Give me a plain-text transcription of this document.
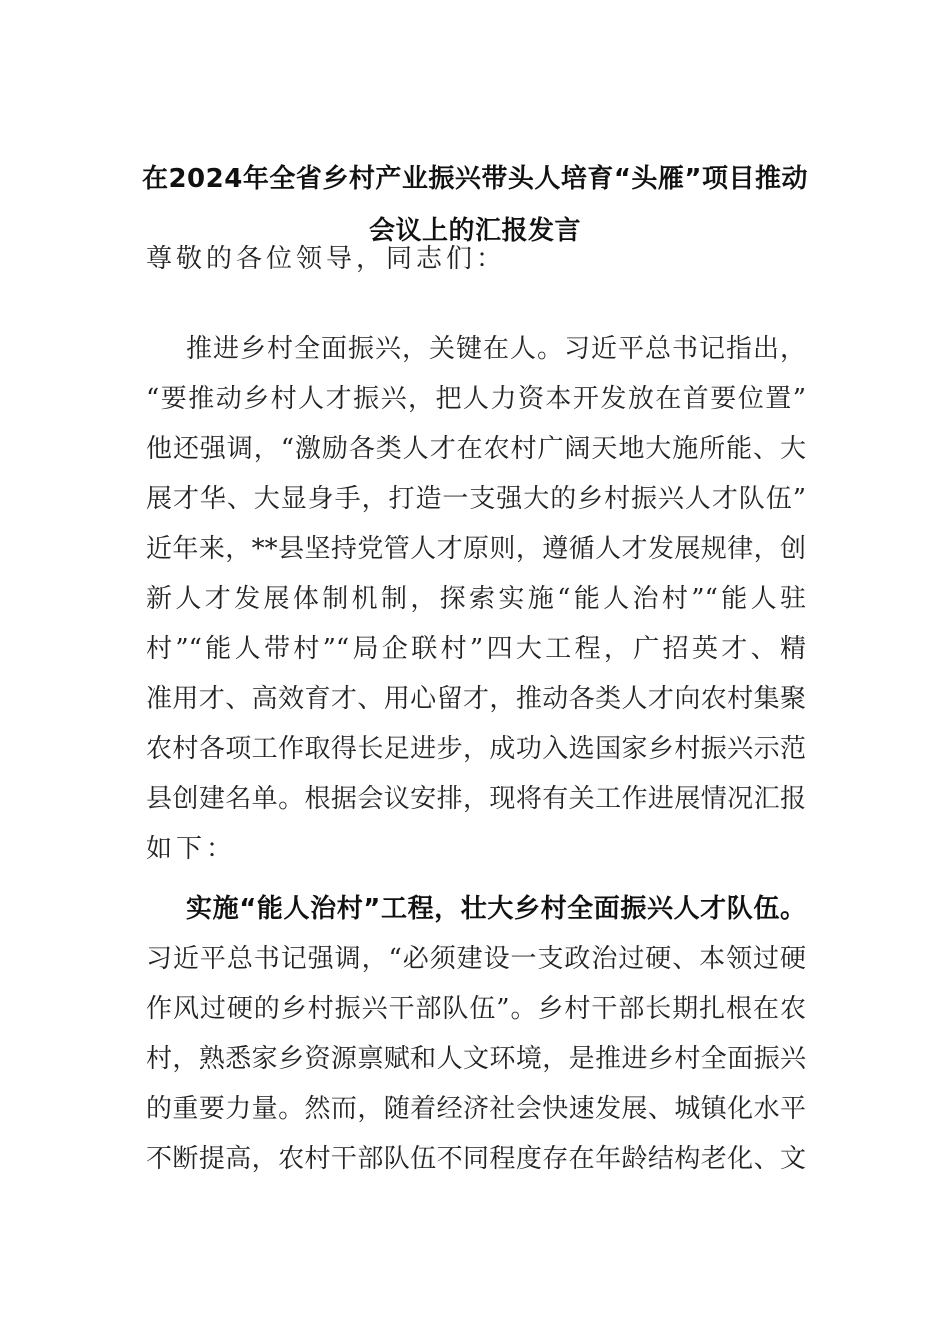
在2024年全省乡村产业振兴带头人培育“头雁”项目推动
会议上的汇报发言
尊敬的各位领导，同志们：
推进乡村全面振兴，关键在人。习近平总书记指出，
“要推动乡村人才振兴，把人力资本开发放在首要位置”
他还强调，“激励各类人才在农村广阔天地大施所能、大
展才华、大显身手，打造一支强大的乡村振兴人才队伍”
近年来，**县坚持党管人才原则，遵循人才发展规律，创
新人才发展体制机制，探索实施“能人治村”“能人驻
村”“能人带村”“局企联村”四大工程，广招英才、精
准用才、高效育才、用心留才，推动各类人才向农村集聚
农村各项工作取得长足进步，成功入选国家乡村振兴示范
县创建名单。根据会议安排，现将有关工作进展情况汇报
如下：
实施“能人治村”工程，壮大乡村全面振兴人才队伍。
习近平总书记强调，“必须建设一支政治过硬、本领过硬
作风过硬的乡村振兴干部队伍”。乡村干部长期扎根在农
村，熟悉家乡资源禀赋和人文环境，是推进乡村全面振兴
的重要力量。然而，随着经济社会快速发展、城镇化水平
不断提高，农村干部队伍不同程度存在年龄结构老化、文
